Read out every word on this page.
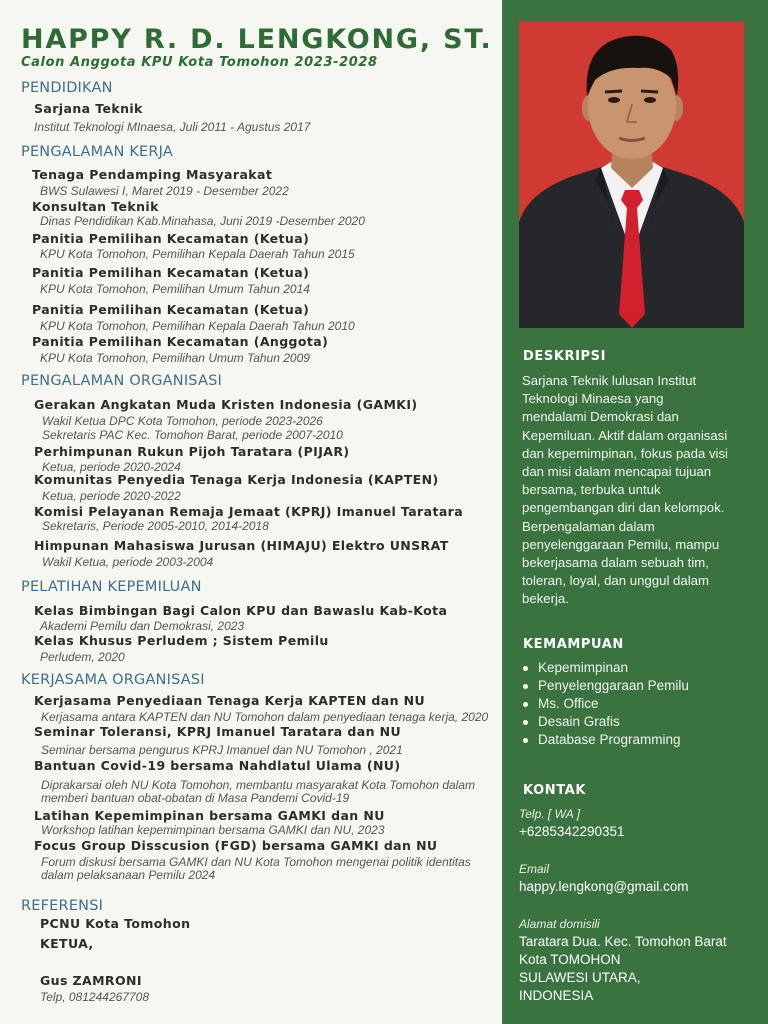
HAPPY R. D. LENGKONG, ST.
Calon Anggota KPU Kota Tomohon 2023-2028
PENDIDIKAN
Sarjana Teknik
Institut Teknologi MInaesa, Juli 2011 - Agustus 2017
PENGALAMAN KERJA
Tenaga Pendamping Masyarakat
BWS Sulawesi I, Maret 2019 - Desember 2022
Konsultan Teknik
Dinas Pendidikan Kab.Minahasa, Juni 2019 -Desember 2020
Panitia Pemilihan Kecamatan (Ketua)
KPU Kota Tomohon, Pemilihan Kepala Daerah Tahun 2015
Panitia Pemilihan Kecamatan (Ketua)
KPU Kota Tomohon, Pemilihan Umum Tahun 2014
Panitia Pemilihan Kecamatan (Ketua)
KPU Kota Tomohon, Pemilihan Kepala Daerah Tahun 2010
Panitia Pemilihan Kecamatan (Anggota)
KPU Kota Tomohon, Pemilihan Umum Tahun 2009
PENGALAMAN ORGANISASI
Gerakan Angkatan Muda Kristen Indonesia (GAMKI)
Wakil Ketua DPC Kota Tomohon, periode 2023-2026
Sekretaris PAC Kec. Tomohon Barat, periode 2007-2010
Perhimpunan Rukun Pijoh Taratara (PIJAR)
Ketua, periode 2020-2024
Komunitas Penyedia Tenaga Kerja Indonesia (KAPTEN)
Ketua, periode 2020-2022
Komisi Pelayanan Remaja Jemaat (KPRJ) Imanuel Taratara
Sekretaris, Periode 2005-2010, 2014-2018
Himpunan Mahasiswa Jurusan (HIMAJU) Elektro UNSRAT
Wakil Ketua, periode 2003-2004
PELATIHAN KEPEMILUAN
Kelas Bimbingan Bagi Calon KPU dan Bawaslu Kab-Kota
Akademi Pemilu dan Demokrasi, 2023
Kelas Khusus Perludem ; Sistem Pemilu
Perludem, 2020
KERJASAMA ORGANISASI
Kerjasama Penyediaan Tenaga Kerja KAPTEN dan NU
Kerjasama antara KAPTEN dan NU Tomohon dalam penyediaan tenaga kerja, 2020
Seminar Toleransi, KPRJ Imanuel Taratara dan NU
Seminar bersama pengurus KPRJ Imanuel dan NU Tomohon , 2021
Bantuan Covid-19 bersama Nahdlatul Ulama (NU)
Diprakarsai oleh NU Kota Tomohon, membantu masyarakat Kota Tomohon dalam
memberi bantuan obat-obatan di Masa Pandemi Covid-19
Latihan Kepemimpinan bersama GAMKI dan NU
Workshop latihan kepemimpinan bersama GAMKI dan NU, 2023
Focus Group Disscusion (FGD) bersama GAMKI dan NU
Forum diskusi bersama GAMKI dan NU Kota Tomohon mengenai politik identitas
dalam pelaksanaan Pemilu 2024
REFERENSI
PCNU Kota Tomohon
KETUA,
Gus ZAMRONI
Telp, 081244267708
DESKRIPSI
Sarjana Teknik lulusan Institut
Teknologi Minaesa yang
mendalami Demokrasi dan
Kepemiluan. Aktif dalam organisasi
dan kepemimpinan, fokus pada visi
dan misi dalam mencapai tujuan
bersama, terbuka untuk
pengembangan diri dan kelompok.
Berpengalaman dalam
penyelenggaraan Pemilu, mampu
bekerjasama dalam sebuah tim,
toleran, loyal, dan unggul dalam
bekerja.
KEMAMPUAN
Kepemimpinan
Penyelenggaraan Pemilu
Ms. Office
Desain Grafis
Database Programming
KONTAK
Telp. [ WA ]
+6285342290351
Email
happy.lengkong@gmail.com
Alamat domisili
Taratara Dua. Kec. Tomohon Barat
Kota TOMOHON
SULAWESI UTARA,
INDONESIA
